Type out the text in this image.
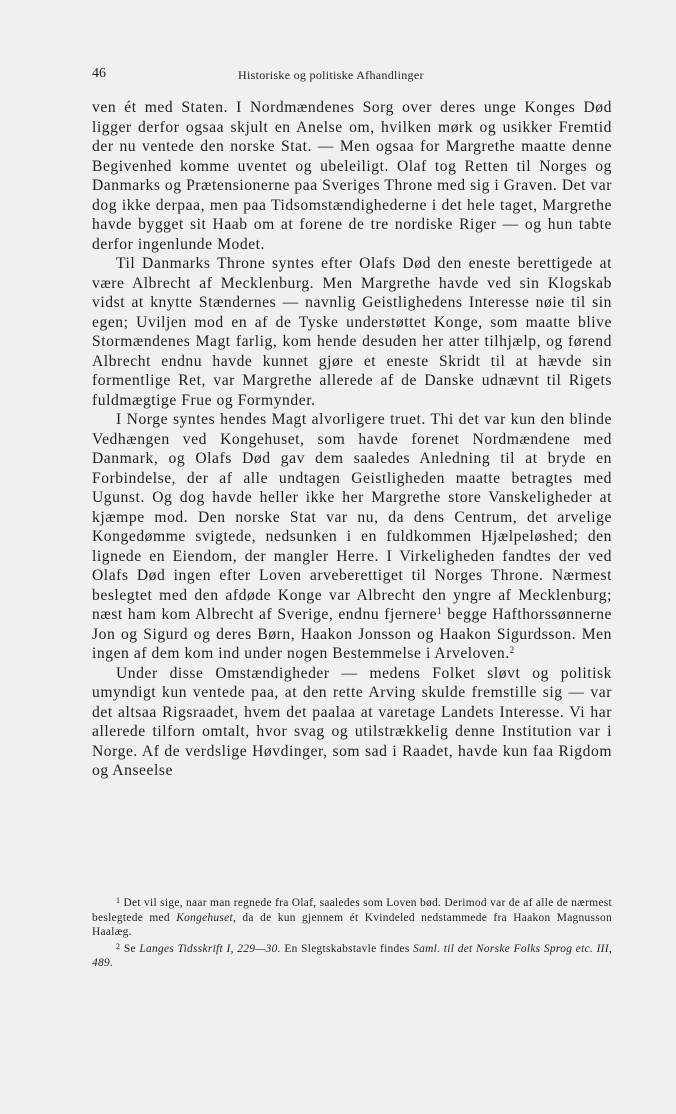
46	Historiske og politiske Afhandlinger

ven ét med Staten. I Nordmændenes Sorg over deres unge Konges Død ligger derfor ogsaa skjult en Anelse om, hvilken mørk og usikker Fremtid der nu ventede den norske Stat. — Men ogsaa for Margrethe maatte denne Begivenhed komme uventet og ubeleiligt. Olaf tog Retten til Norges og Danmarks og Prætensionerne paa Sveriges Throne med sig i Graven. Det var dog ikke derpaa, men paa Tidsomstændighederne i det hele taget, Margrethe havde bygget sit Haab om at forene de tre nordiske Riger — og hun tabte derfor ingenlunde Modet.

Til Danmarks Throne syntes efter Olafs Død den eneste berettigede at være Albrecht af Mecklenburg. Men Margrethe havde ved sin Klogskab vidst at knytte Stændernes — navnlig Geistlighedens Interesse nøie til sin egen; Uviljen mod en af de Tyske understøttet Konge, som maatte blive Stormændenes Magt farlig, kom hende desuden her atter tilhjælp, og førend Albrecht endnu havde kunnet gjøre et eneste Skridt til at hævde sin formentlige Ret, var Margrethe allerede af de Danske udnævnt til Rigets fuldmægtige Frue og Formynder.

I Norge syntes hendes Magt alvorligere truet. Thi det var kun den blinde Vedhængen ved Kongehuset, som havde forenet Nordmændene med Danmark, og Olafs Død gav dem saaledes Anledning til at bryde en Forbindelse, der af alle undtagen Geistligheden maatte betragtes med Ugunst. Og dog havde heller ikke her Margrethe store Vanskeligheder at kjæmpe mod. Den norske Stat var nu, da dens Centrum, det arvelige Kongedømme svigtede, nedsunken i en fuldkommen Hjælpeløshed; den lignede en Eiendom, der mangler Herre. I Virkeligheden fandtes der ved Olafs Død ingen efter Loven arveberettiget til Norges Throne. Nærmest beslegtet med den afdøde Konge var Albrecht den yngre af Mecklenburg; næst ham kom Albrecht af Sverige, endnu fjernere$^1$ begge Hafthorssønnerne Jon og Sigurd og deres Børn, Haakon Jonsson og Haakon Sigurdsson. Men ingen af dem kom ind under nogen Bestemmelse i Arveloven.$^2$

Under disse Omstændigheder — medens Folket sløvt og politisk umyndigt kun ventede paa, at den rette Arving skulde fremstille sig — var det altsaa Rigsraadet, hvem det paalaa at varetage Landets Interesse. Vi har allerede tilforn omtalt, hvor svag og utilstrækkelig denne Institution var i Norge. Af de verdslige Høvdinger, som sad i Raadet, havde kun faa Rigdom og Anseelse

$^1$ Det vil sige, naar man regnede fra Olaf, saaledes som Loven bød. Derimod var de af alle de nærmest beslegtede med Kongehuset, da de kun gjennem ét Kvindeled nedstammede fra Haakon Magnusson Haalæg.

$^2$ Se Langes Tidsskrift I, 229—30. En Slegtskabstavle findes Saml. til det Norske Folks Sprog etc. III, 489.
